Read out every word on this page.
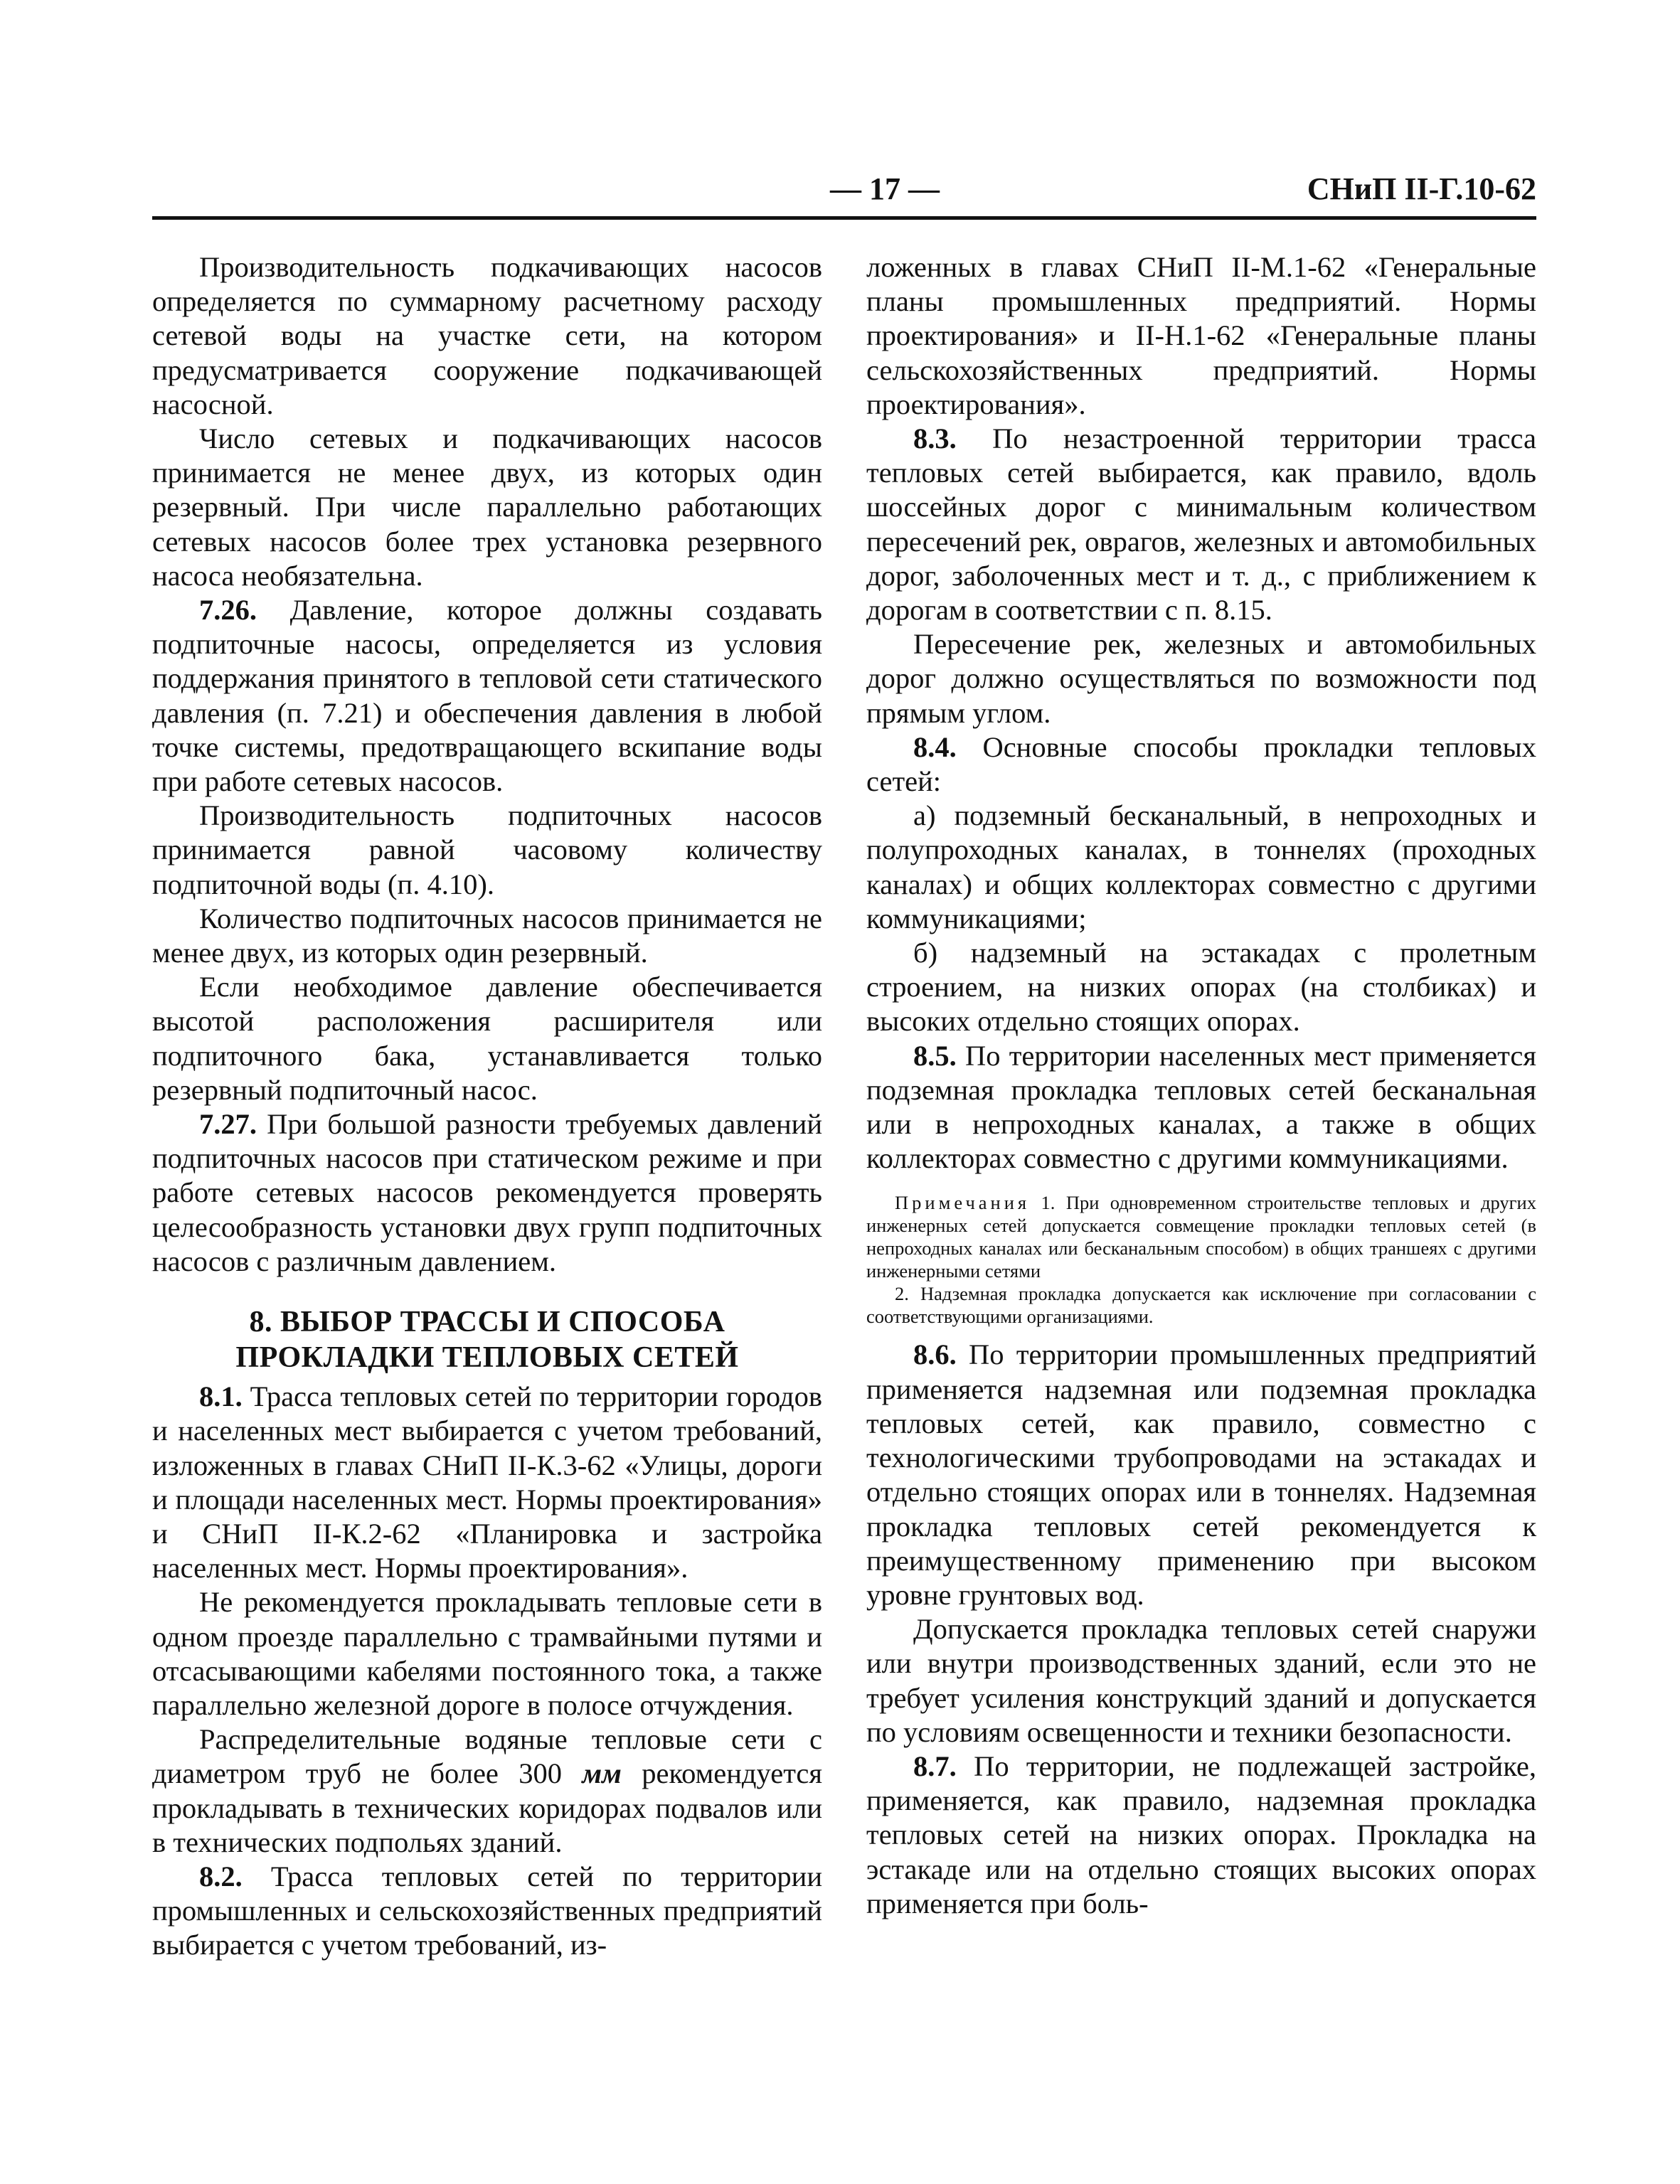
— 17 —	СНиП II-Г.10-62

Производительность подкачивающих насосов определяется по суммарному расчетному расходу сетевой воды на участке сети, на котором предусматривается сооружение подкачивающей насосной.

Число сетевых и подкачивающих насосов принимается не менее двух, из которых один резервный. При числе параллельно работающих сетевых насосов более трех установка резервного насоса необязательна.

7.26. Давление, которое должны создавать подпиточные насосы, определяется из условия поддержания принятого в тепловой сети статического давления (п. 7.21) и обеспечения давления в любой точке системы, предотвращающего вскипание воды при работе сетевых насосов.

Производительность подпиточных насосов принимается равной часовому количеству подпиточной воды (п. 4.10).

Количество подпиточных насосов принимается не менее двух, из которых один резервный.

Если необходимое давление обеспечивается высотой расположения расширителя или подпиточного бака, устанавливается только резервный подпиточный насос.

7.27. При большой разности требуемых давлений подпиточных насосов при статическом режиме и при работе сетевых насосов рекомендуется проверять целесообразность установки двух групп подпиточных насосов с различным давлением.

8. ВЫБОР ТРАССЫ И СПОСОБА
ПРОКЛАДКИ ТЕПЛОВЫХ СЕТЕЙ

8.1. Трасса тепловых сетей по территории городов и населенных мест выбирается с учетом требований, изложенных в главах СНиП II-К.3-62 «Улицы, дороги и площади населенных мест. Нормы проектирования» и СНиП II-К.2-62 «Планировка и застройка населенных мест. Нормы проектирования».

Не рекомендуется прокладывать тепловые сети в одном проезде параллельно с трамвайными путями и отсасывающими кабелями постоянного тока, а также параллельно железной дороге в полосе отчуждения.

Распределительные водяные тепловые сети с диаметром труб не более 300 мм рекомендуется прокладывать в технических коридорах подвалов или в технических подпольях зданий.

8.2. Трасса тепловых сетей по территории промышленных и сельскохозяйственных предприятий выбирается с учетом требований, из-

ложенных в главах СНиП II-М.1-62 «Генеральные планы промышленных предприятий. Нормы проектирования» и II-Н.1-62 «Генеральные планы сельскохозяйственных предприятий. Нормы проектирования».

8.3. По незастроенной территории трасса тепловых сетей выбирается, как правило, вдоль шоссейных дорог с минимальным количеством пересечений рек, оврагов, железных и автомобильных дорог, заболоченных мест и т. д., с приближением к дорогам в соответствии с п. 8.15.

Пересечение рек, железных и автомобильных дорог должно осуществляться по возможности под прямым углом.

8.4. Основные способы прокладки тепловых сетей:

а) подземный бесканальный, в непроходных и полупроходных каналах, в тоннелях (проходных каналах) и общих коллекторах совместно с другими коммуникациями;

б) надземный на эстакадах с пролетным строением, на низких опорах (на столбиках) и высоких отдельно стоящих опорах.

8.5. По территории населенных мест применяется подземная прокладка тепловых сетей бесканальная или в непроходных каналах, а также в общих коллекторах совместно с другими коммуникациями.

Примечания 1. При одновременном строительстве тепловых и других инженерных сетей допускается совмещение прокладки тепловых сетей (в непроходных каналах или бесканальным способом) в общих траншеях с другими инженерными сетями

2. Надземная прокладка допускается как исключение при согласовании с соответствующими организациями.

8.6. По территории промышленных предприятий применяется надземная или подземная прокладка тепловых сетей, как правило, совместно с технологическими трубопроводами на эстакадах и отдельно стоящих опорах или в тоннелях. Надземная прокладка тепловых сетей рекомендуется к преимущественному применению при высоком уровне грунтовых вод.

Допускается прокладка тепловых сетей снаружи или внутри производственных зданий, если это не требует усиления конструкций зданий и допускается по условиям освещенности и техники безопасности.

8.7. По территории, не подлежащей застройке, применяется, как правило, надземная прокладка тепловых сетей на низких опорах. Прокладка на эстакаде или на отдельно стоящих высоких опорах применяется при боль-
